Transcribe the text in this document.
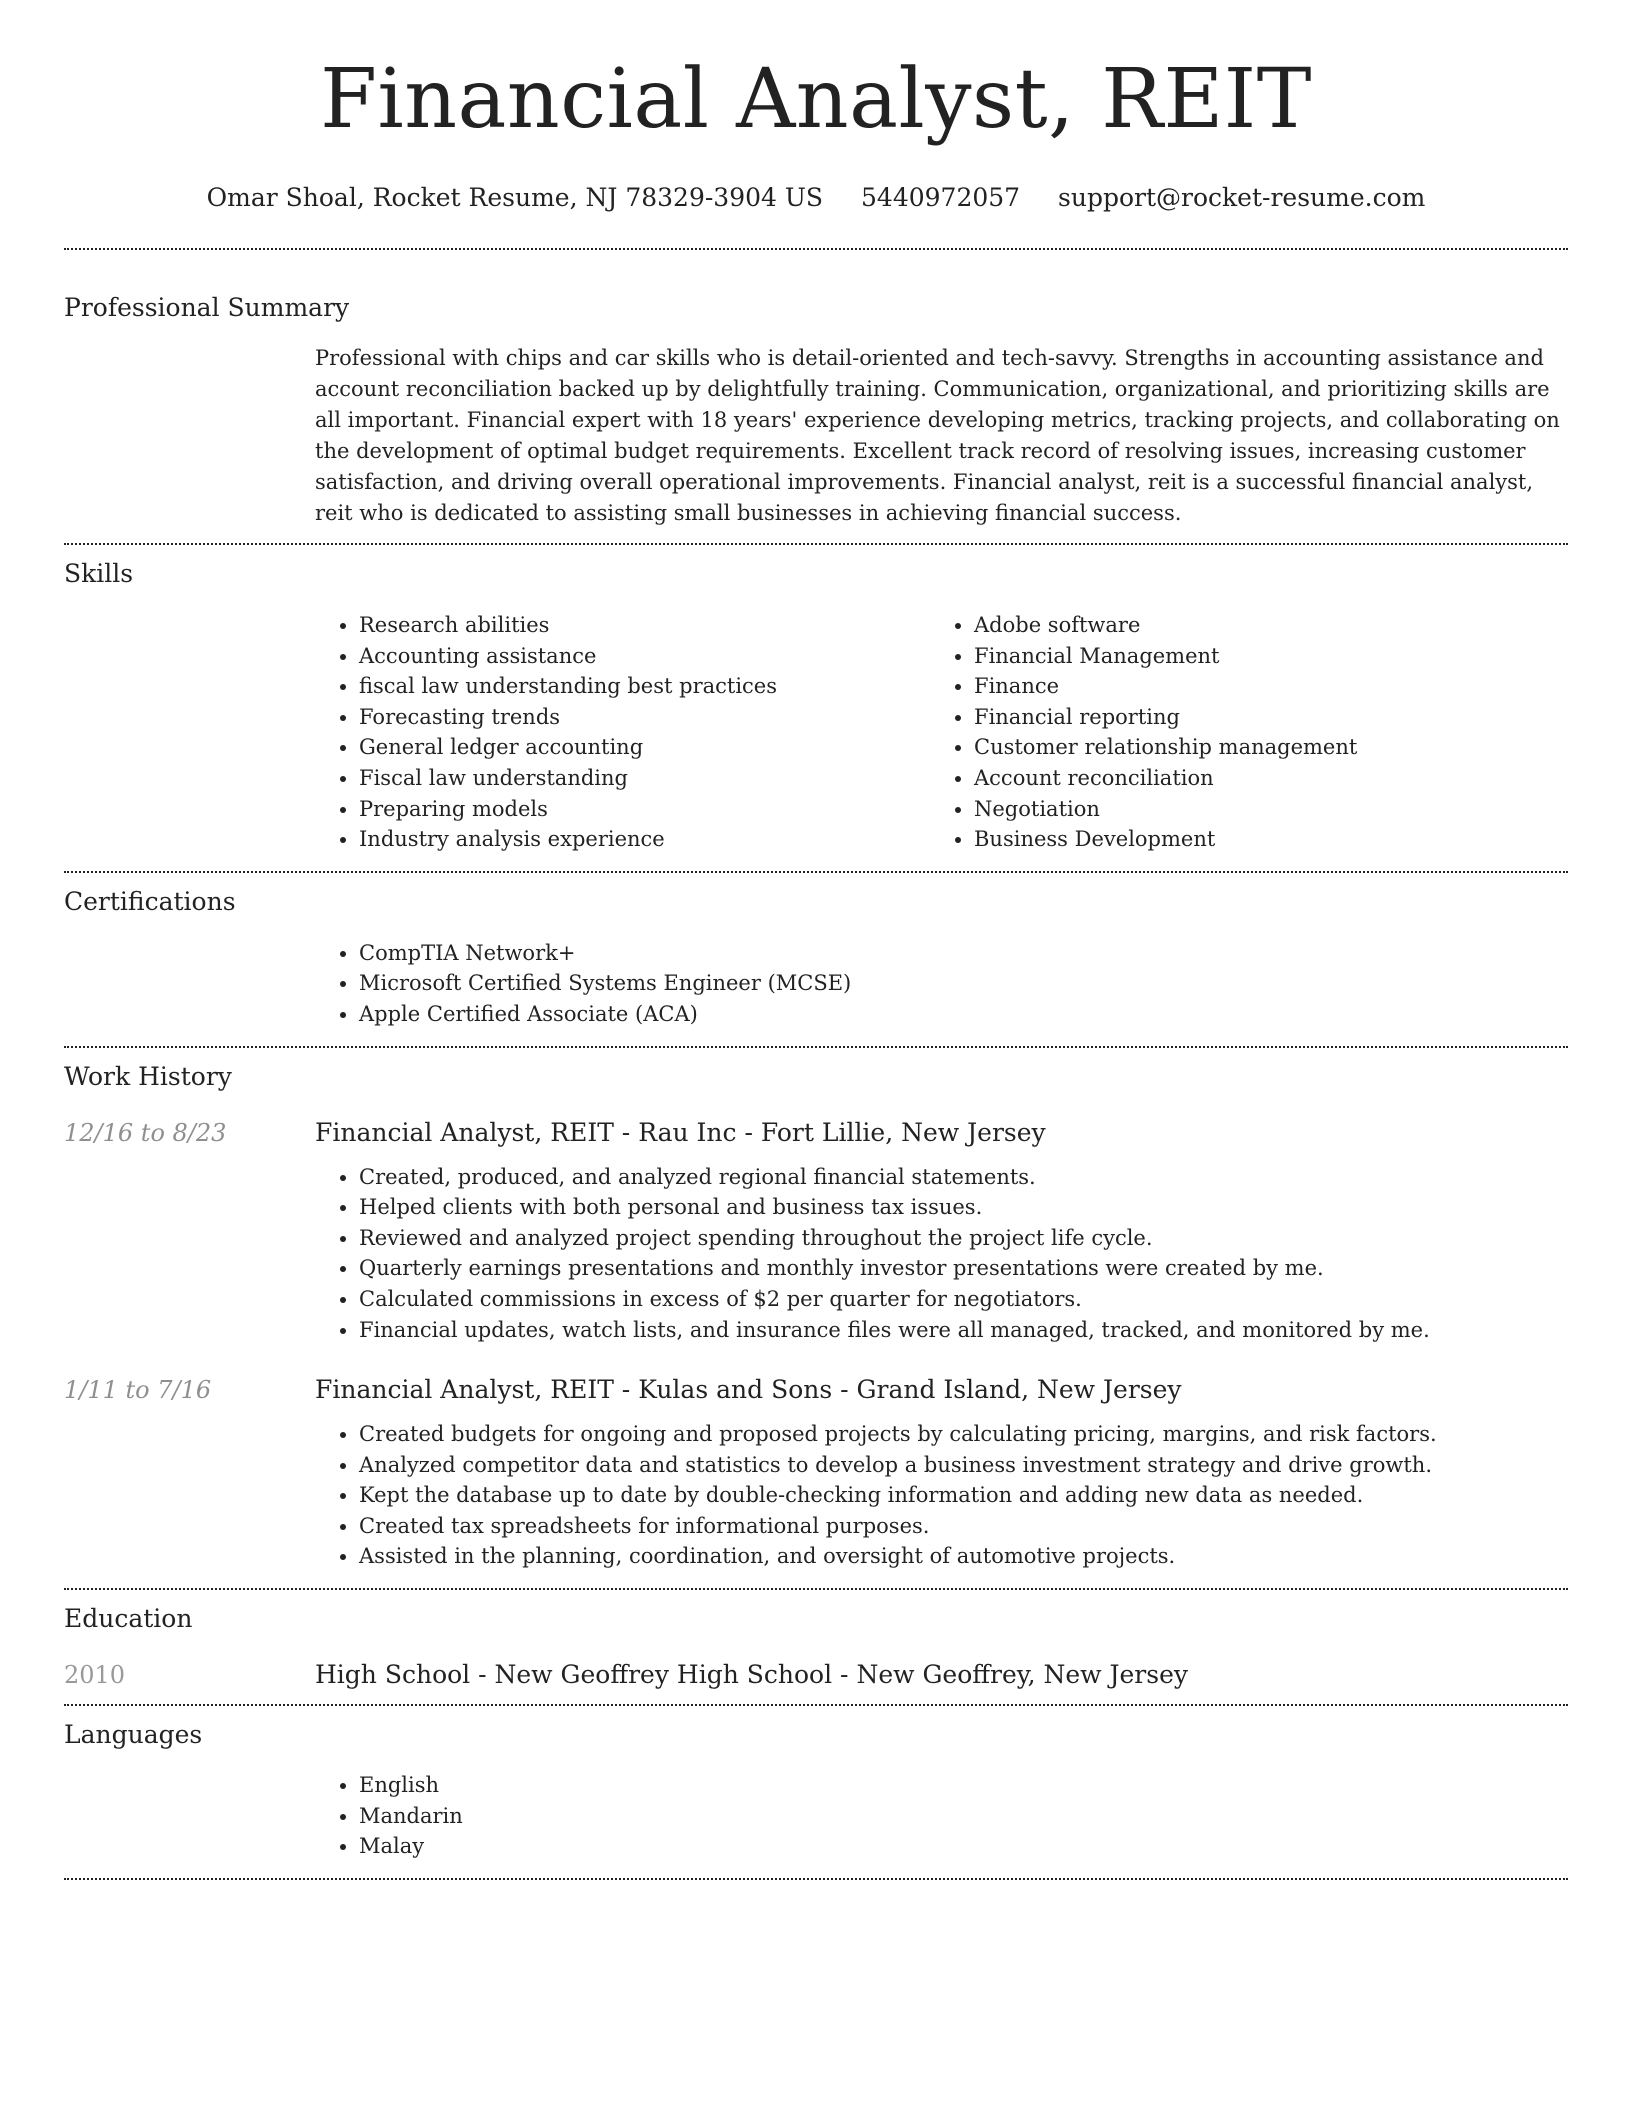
Financial Analyst, REIT
Omar Shoal, Rocket Resume, NJ 78329-3904 US 5440972057 support@rocket-resume.com
Professional Summary

Professional with chips and car skills who is detail-oriented and tech-savvy. Strengths in accounting assistance and account reconciliation backed up by delightfully training. Communication, organizational, and prioritizing skills are all important. Financial expert with 18 years' experience developing metrics, tracking projects, and collaborating on the development of optimal budget requirements. Excellent track record of resolving issues, increasing customer satisfaction, and driving overall operational improvements. Financial analyst, reit is a successful financial analyst, reit who is dedicated to assisting small businesses in achieving financial success.

Skills
• Research abilities
• Accounting assistance
• fiscal law understanding best practices
• Forecasting trends
• General ledger accounting
• Fiscal law understanding
• Preparing models
• Industry analysis experience
• Adobe software
• Financial Management
• Finance
• Financial reporting
• Customer relationship management
• Account reconciliation
• Negotiation
• Business Development
Certifications
• CompTIA Network+
• Microsoft Certified Systems Engineer (MCSE)
• Apple Certified Associate (ACA)
Work History
12/16 to 8/23	Financial Analyst, REIT - Rau Inc - Fort Lillie, New Jersey
• Created, produced, and analyzed regional financial statements.
• Helped clients with both personal and business tax issues.
• Reviewed and analyzed project spending throughout the project life cycle.
• Quarterly earnings presentations and monthly investor presentations were created by me.
• Calculated commissions in excess of $2 per quarter for negotiators.
• Financial updates, watch lists, and insurance files were all managed, tracked, and monitored by me.
1/11 to 7/16	Financial Analyst, REIT - Kulas and Sons - Grand Island, New Jersey
• Created budgets for ongoing and proposed projects by calculating pricing, margins, and risk factors.
• Analyzed competitor data and statistics to develop a business investment strategy and drive growth.
• Kept the database up to date by double-checking information and adding new data as needed.
• Created tax spreadsheets for informational purposes.
• Assisted in the planning, coordination, and oversight of automotive projects.
Education
2010	High School - New Geoffrey High School - New Geoffrey, New Jersey
Languages
• English
• Mandarin
• Malay
